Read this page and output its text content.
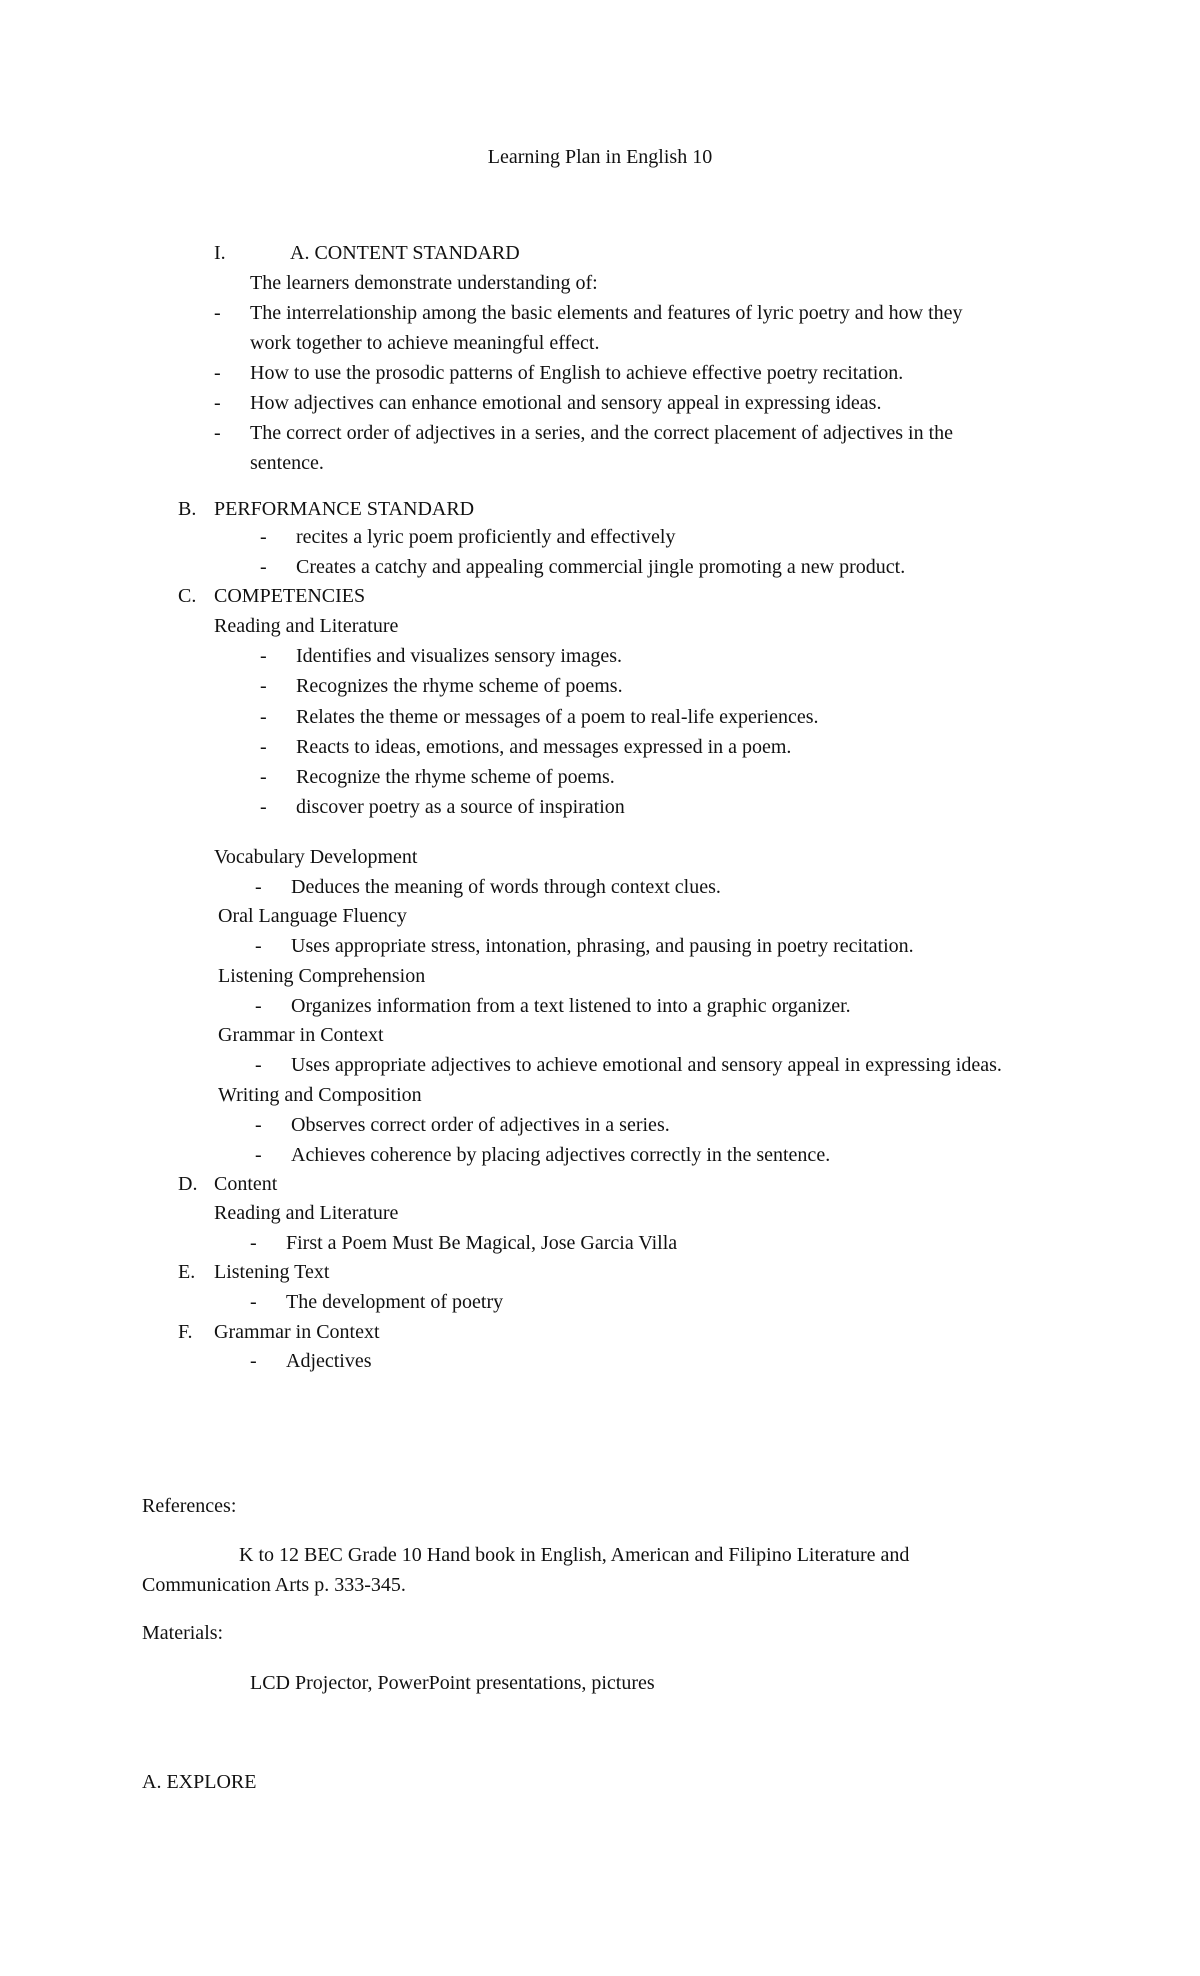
Learning Plan in English 10
I.	A. CONTENT STANDARD
The learners demonstrate understanding of:
- The interrelationship among the basic elements and features of lyric poetry and how they
work together to achieve meaningful effect.
- How to use the prosodic patterns of English to achieve effective poetry recitation.
- How adjectives can enhance emotional and sensory appeal in expressing ideas.
- The correct order of adjectives in a series, and the correct placement of adjectives in the
sentence.
B. PERFORMANCE STANDARD
- recites a lyric poem proficiently and effectively
- Creates a catchy and appealing commercial jingle promoting a new product.
C. COMPETENCIES
Reading and Literature
- Identifies and visualizes sensory images.
- Recognizes the rhyme scheme of poems.
- Relates the theme or messages of a poem to real-life experiences.
- Reacts to ideas, emotions, and messages expressed in a poem.
- Recognize the rhyme scheme of poems.
- discover poetry as a source of inspiration
Vocabulary Development
- Deduces the meaning of words through context clues.
Oral Language Fluency
- Uses appropriate stress, intonation, phrasing, and pausing in poetry recitation.
Listening Comprehension
- Organizes information from a text listened to into a graphic organizer.
Grammar in Context
- Uses appropriate adjectives to achieve emotional and sensory appeal in expressing ideas.
Writing and Composition
- Observes correct order of adjectives in a series.
- Achieves coherence by placing adjectives correctly in the sentence.
D. Content
Reading and Literature
- First a Poem Must Be Magical, Jose Garcia Villa
E. Listening Text
- The development of poetry
F. Grammar in Context
- Adjectives
References:
K to 12 BEC Grade 10 Hand book in English, American and Filipino Literature and
Communication Arts p. 333-345.
Materials:
LCD Projector, PowerPoint presentations, pictures
A. EXPLORE
